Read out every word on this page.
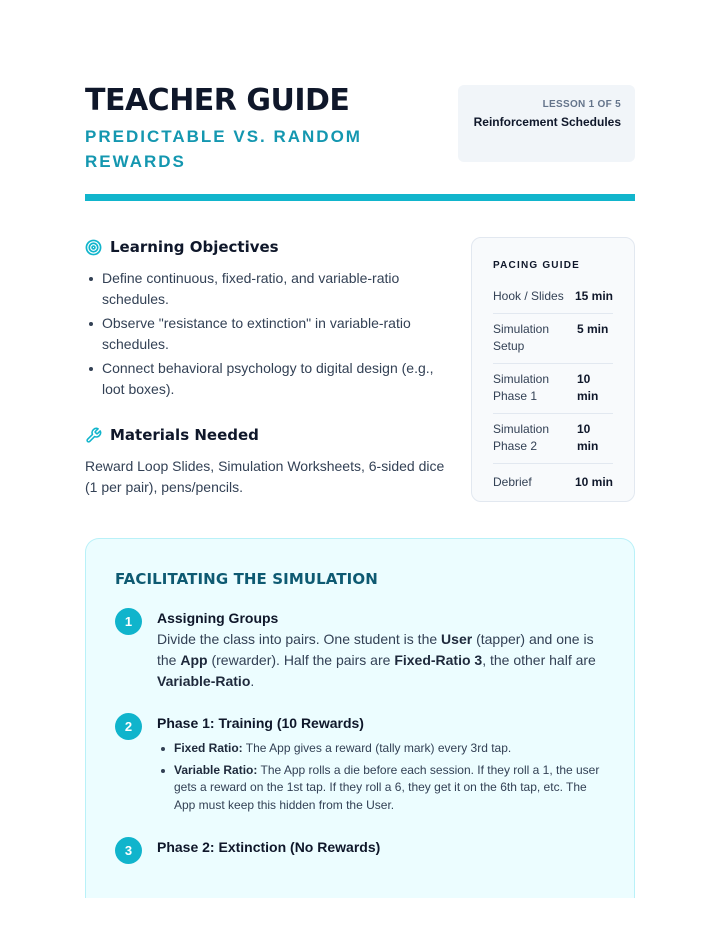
TEACHER GUIDE
PREDICTABLE VS. RANDOM REWARDS
LESSON 1 OF 5
Reinforcement Schedules
Learning Objectives
Define continuous, fixed-ratio, and variable-ratio schedules.
Observe "resistance to extinction" in variable-ratio schedules.
Connect behavioral psychology to digital design (e.g., loot boxes).
Materials Needed
Reward Loop Slides, Simulation Worksheets, 6-sided dice (1 per pair), pens/pencils.
PACING GUIDE
Hook / Slides 15 min
Simulation Setup
5 min
Simulation Phase 1
10 min
Simulation Phase 2
10 min
Debrief	10 min
FACILITATING THE SIMULATION
1	Assigning Groups
Divide the class into pairs. One student is the User (tapper) and one is the App (rewarder). Half the pairs are Fixed-Ratio 3, the other half are Variable-Ratio.
2	Phase 1: Training (10 Rewards)
Fixed Ratio: The App gives a reward (tally mark) every 3rd tap.
Variable Ratio: The App rolls a die before each session. If they roll a 1, the user gets a reward on the 1st tap. If they roll a 6, they get it on the 6th tap, etc. The App must keep this hidden from the User.
3	Phase 2: Extinction (No Rewards)
